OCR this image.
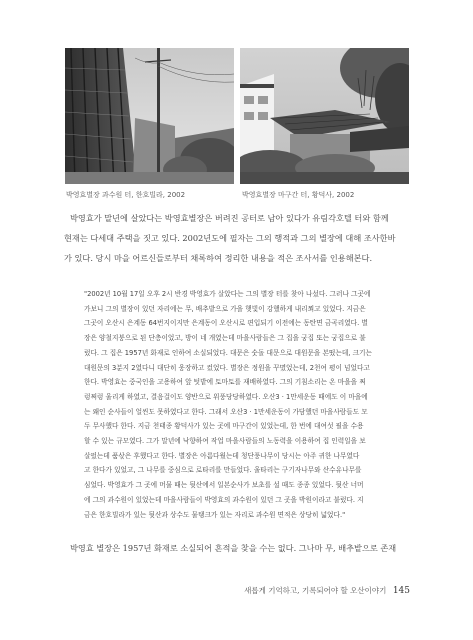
박영효별장 과수원 터, 한호빌라, 2002	박영효별장 마구간 터, 황덕사, 2002

박영효가 말년에 살았다는 박영효별장은 버려진 공터로 남아 있다가 유림각호텔 터와 함께
현재는 다세대 주택을 짓고 있다. 2002년도에 필자는 그의 행적과 그의 별장에 대해 조사한바
가 있다. 당시 마을 어르신들로부터 채록하여 정리한 내용을 적은 조사서를 인용해본다.

"2002년 10월 17일 오후 2시 반경 박영효가 살았다는 그의 별장 터를 찾아 나섰다. 그러나 그곳에
가보니 그의 별장이 있던 자리에는 무, 배추밭으로 가을 햇빛이 강했하게 내리쬐고 있었다. 지금은
그곳이 오산시 은계동 64번지이지만 은계동이 오산시로 편입되기 이전에는 동탄면 금곡리였다. 별
장은 양철지붕으로 된 단층이었고, 방이 네 개였는데 마을사람들은 그 집을 궁집 또는 궁집으로 불
렀다. 그 집은 1957년 화재로 인하여 소실되었다. 대문은 숫돌 대문으로 대원문을 본떴는데, 크기는
대원문의 3분지 2였다니 대단히 웅장하고 컸었다. 별장은 정원을 꾸몄었는데, 2천여 평이 넘었다고
한다. 박영효는 중국인을 고용하여 앞 텃밭에 토마토를 재배하였다. 그의 기침소리는 온 마을을 쩌
렁쩌렁 울리게 하였고, 결음걸이도 양반으로 위풍당당하였다. 오산3 · 1만세운동 때에도 이 마을에
는 왜인 순사들이 얼씬도 못하였다고 한다. 그래서 오산3 · 1만세운동이 가담했던 마을사람들도 모
두 무사했다 한다. 지금 천태종 황덕사가 있는 곳에 마구간이 있었는데, 한 번에 대여섯 필을 수용
할 수 있는 규모였다. 그가 말년에 낙향하여 작업 마을사람들의 노동력을 이용하여 집 인력일을 보
살펐는데 품삯은 후했다고 한다. 별장은 아름다웠는데 청단풍나무이 당시는 아주 귀한 나무였다
고 한다가 있었고, 그 나무를 중심으로 로타리를 만들었다. 울타리는 구기자나무와 산수유나무를
심었다. 박영효가 그 곳에 머물 때는 뒷산에서 일본순사가 보초를 설 때도 종종 있었다. 뒷산 너머
에 그의 과수원이 있었는데 마을사람들이 박영효의 과수원이 있던 그 곳을 박원이라고 불렀다. 지
금은 한호빌라가 있는 뒷산과 상수도 물탱크가 있는 자리로 과수원 면적은 상당히 넓었다."

박영효 별장은 1957년 화재로 소실되어 흔적을 찾을 수는 없다. 그나마 무, 배추밭으로 존재

새롭게 기억하고, 기록되어야 할 오산이야기 145
